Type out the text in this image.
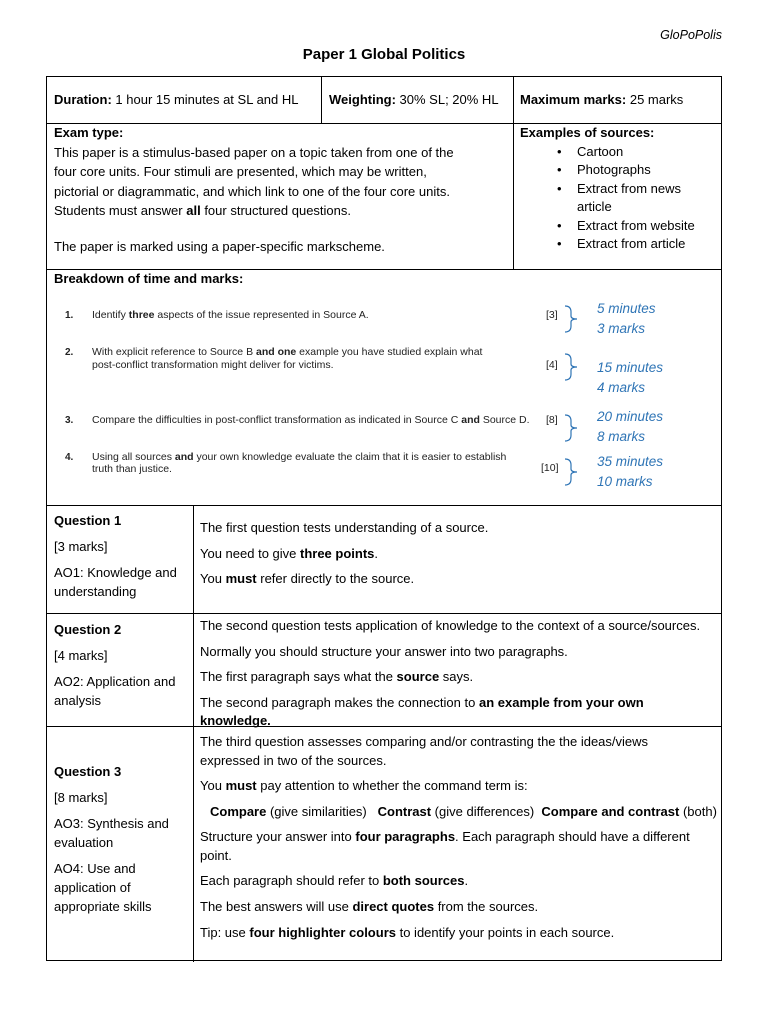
GloPoPolis
Paper 1 Global Politics
Duration: 1 hour 15 minutes at SL and HL Weighting: 30% SL; 20% HL Maximum marks: 25 marks

Exam type:

This paper is a stimulus-based paper on a topic taken from one of the

four core units. Four stimuli are presented, which may be written,

pictorial or diagrammatic, and which link to one of the four core units.

Students must answer all four structured questions.

The paper is marked using a paper-specific markscheme.

Examples of sources:

• Cartoon
• Photographs
• Extract from news
article
• Extract from website
• Extract from article
Breakdown of time and marks:
1. Identify three aspects of the issue represented in Source A.	[3]
2. With explicit reference to Source B and one example you have studied explain what
post-conflict transformation might deliver for victims.	[4]
3. Compare the difficulties in post-conflict transformation as indicated in Source C and Source D. [8]
4. Using all sources and your own knowledge evaluate the claim that it is easier to establish
truth than justice.	[10]
5 minutes
3 marks
15 minutes
4 marks
20 minutes
8 marks
35 minutes
10 marks

Question 1

[3 marks]

AO1: Knowledge and

understanding

The first question tests understanding of a source.

You need to give three points.

You must refer directly to the source.

Question 2

[4 marks]

AO2: Application and

analysis

The second question tests application of knowledge to the context of a source/sources.

Normally you should structure your answer into two paragraphs.

The first paragraph says what the source says.

The second paragraph makes the connection to an example from your own knowledge.

Question 3

[8 marks]

AO3: Synthesis and

evaluation

AO4: Use and

application of

appropriate skills

The third question assesses comparing and/or contrasting the the ideas/views

expressed in two of the sources.

You must pay attention to whether the command term is:

Compare (give similarities)   Contrast (give differences)  Compare and contrast (both)

Structure your answer into four paragraphs. Each paragraph should have a different

point.

Each paragraph should refer to both sources.

The best answers will use direct quotes from the sources.

Tip: use four highlighter colours to identify your points in each source.
